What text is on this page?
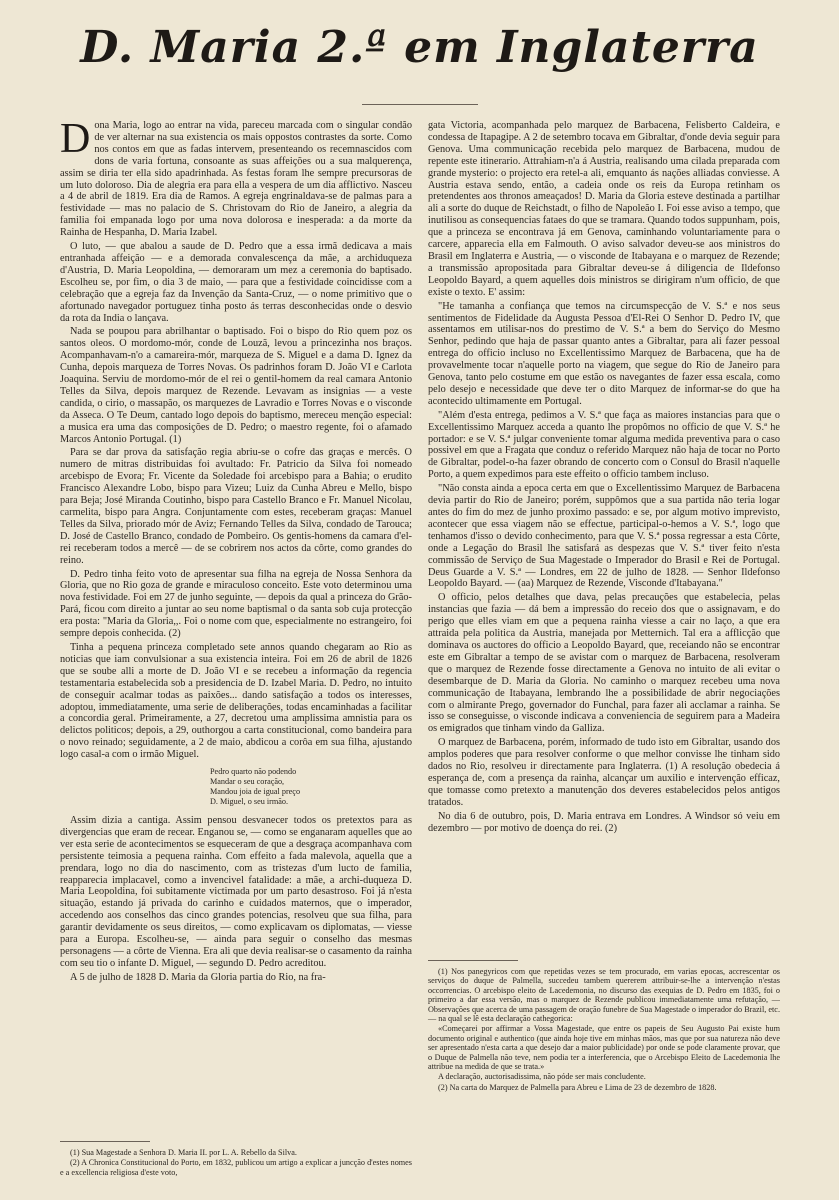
D. Maria 2.ª em Inglaterra

Dona Maria, logo ao entrar na vida, pareceu marcada com o singular condão de ver alternar na sua existencia os mais oppostos contrastes da sorte. Como nos contos em que as fadas intervem, presenteando os recemnascidos com dons de varia fortuna, consoante as suas affeições ou a sua malquerença, assim se diria ter ella sido apadrinhada. As festas foram lhe sempre precursoras de um luto doloroso. Dia de alegria era para ella a vespera de um dia afflictivo. Nasceu a 4 de abril de 1819. Era dia de Ramos. A egreja engrinaldava-se de palmas para a festividade — mas no palacio de S. Christovam do Rio de Janeiro, a alegria da familia foi empanada logo por uma nova dolorosa e inesperada: a da morte da Rainha de Hespanha, D. Maria Izabel.

O luto, — que abalou a saude de D. Pedro que a essa irmã dedicava a mais entranhada affeição — e a demorada convalescença da mãe, a archiduqueza d'Austria, D. Maria Leopoldina, — demoraram um mez a ceremonia do baptisado. Escolheu se, por fim, o dia 3 de maio, — para que a festividade coincidisse com a celebração que a egreja faz da Invenção da Santa-Cruz, — o nome primitivo que o afortunado navegador portuguez tinha posto ás terras desconhecidas onde o desvio da rota da India o lançava.

Nada se poupou para abrilhantar o baptisado. Foi o bispo do Rio quem poz os santos oleos. O mordomo-mór, conde de Louzã, levou a princezinha nos braços. Acompanhavam-n'o a camareira-mór, marqueza de S. Miguel e a dama D. Ignez da Cunha, depois marqueza de Torres Novas. Os padrinhos foram D. João VI e Carlota Joaquina. Serviu de mordomo-mór de el rei o gentil-homem da real camara Antonio Telles da Silva, depois marquez de Rezende. Levavam as insignias — a veste candida, o cirio, o massapão, os marquezes de Lavradio e Torres Novas e o visconde da Asseca. O Te Deum, cantado logo depois do baptismo, mereceu menção especial: a musica era uma das composições de D. Pedro; o maestro regente, foi o afamado Marcos Antonio Portugal. (1)

Para se dar prova da satisfação regia abriu-se o cofre das graças e mercês. O numero de mitras distribuidas foi avultado: Fr. Patricio da Silva foi nomeado arcebispo de Evora; Fr. Vicente da Soledade foi arcebispo para a Bahia; o erudito Francisco Alexandre Lobo, bispo para Vizeu; Luiz da Cunha Abreu e Mello, bispo para Beja; José Miranda Coutinho, bispo para Castello Branco e Fr. Manuel Nicolau, carmelita, bispo para Angra. Conjuntamente com estes, receberam graças: Manuel Telles da Silva, priorado mór de Aviz; Fernando Telles da Silva, condado de Tarouca; D. José de Castello Branco, condado de Pombeiro. Os gentis-homens da camara d'el-rei receberam todos a mercê — de se cobrirem nos actos da côrte, como grandes do reino.

D. Pedro tinha feito voto de apresentar sua filha na egreja de Nossa Senhora da Gloria, que no Rio goza de grande e miraculoso conceito. Este voto determinou uma nova festividade. Foi em 27 de junho seguinte, — depois da qual a princeza do Grão-Pará, ficou com direito a juntar ao seu nome baptismal o da santa sob cuja protecção era posta: "Maria da Gloria,,. Foi o nome com que, especialmente no estrangeiro, foi sempre depois conhecida. (2)

Tinha a pequena princeza completado sete annos quando chegaram ao Rio as noticias que iam convulsionar a sua existencia inteira. Foi em 26 de abril de 1826 que se soube alli a morte de D. João VI e se recebeu a informação da regencia testamentaria estabelecida sob a presidencia de D. Izabel Maria. D. Pedro, no intuito de conseguir acalmar todas as paixões... dando satisfação a todos os interesses, adoptou, immediatamente, uma serie de deliberações, todas encaminhadas a facilitar a concordia geral. Primeiramente, a 27, decretou uma amplissima amnistia para os delictos politicos; depois, a 29, outhorgou a carta constitucional, como bandeira para o novo reinado; seguidamente, a 2 de maio, abdicou a corôa em sua filha, ajustando logo casal-a com o irmão Miguel.

Pedro quarto não podendo
Mandar o seu coração,
Mandou joia de igual preço
D. Miguel, o seu irmão.

Assim dizia a cantiga. Assim pensou desvanecer todos os pretextos para as divergencias que eram de recear. Enganou se, — como se enganaram aquelles que ao ver esta serie de acontecimentos se esqueceram de que a desgraça acompanhava com persistente teimosia a pequena rainha. Com effeito a fada malevola, aquella que a prendara, logo no dia do nascimento, com as tristezas d'um lucto de familia, reapparecia implacavel, como a invencivel fatalidade: a mãe, a archi-duqueza D. Maria Leopoldina, foi subitamente victimada por um parto desastroso. Foi já n'esta situação, estando já privada do carinho e cuidados maternos, que o imperador, accedendo aos conselhos das cinco grandes potencias, resolveu que sua filha, para garantir devidamente os seus direitos, — como explicavam os diplomatas, — viesse para a Europa. Escolheu-se, — ainda para seguir o conselho das mesmas personagens — a côrte de Vienna. Era ali que devia realisar-se o casamento da rainha com seu tio o infante D. Miguel, — segundo D. Pedro acreditou.

A 5 de julho de 1828 D. Maria da Gloria partia do Rio, na fra-

(1) Sua Magestade a Senhora D. Maria II. por L. A. Rebello da Silva.

(2) A Chronica Constitucional do Porto, em 1832, publicou um artigo a explicar a juncção d'estes nomes e a excellencia religiosa d'este voto,

gata Victoria, acompanhada pelo marquez de Barbacena, Felisberto Caldeira, e condessa de Itapagipe. A 2 de setembro tocava em Gibraltar, d'onde devia seguir para Genova. Uma communicação recebida pelo marquez de Barbacena, mudou de repente este itinerario. Attrahiam-n'a á Austria, realisando uma cilada preparada com grande mysterio: o projecto era retel-a ali, emquanto ás nações alliadas conviesse. A Austria estava sendo, então, a cadeia onde os reis da Europa retinham os pretendentes aos thronos ameaçados! D. Maria da Gloria esteve destinada a partilhar ali a sorte do duque de Reichstadt, o filho de Napoleão I. Foi esse aviso a tempo, que inutilisou as consequencias fataes do que se tramara. Quando todos suppunham, pois, que a princeza se encontrava já em Genova, caminhando voluntariamente para o carcere, apparecia ella em Falmouth. O aviso salvador deveu-se aos ministros do Brasil em Inglaterra e Austria, — o visconde de Itabayana e o marquez de Rezende; a transmissão apropositada para Gibraltar deveu-se á diligencia de Ildefonso Leopoldo Bayard, a quem aquelles dois ministros se dirigiram n'um officio, de que existe o texto. E' assim:

"He tamanha a confiança que temos na circumspecção de V. S.ª e nos seus sentimentos de Fidelidade da Augusta Pessoa d'El-Rei O Senhor D. Pedro IV, que assentamos em utilisar-nos do prestimo de V. S.ª a bem do Serviço do Mesmo Senhor, pedindo que haja de passar quanto antes a Gibraltar, para ali fazer pessoal entrega do officio incluso no Excellentissimo Marquez de Barbacena, que ha de provavelmente tocar n'aquelle porto na viagem, que segue do Rio de Janeiro para Genova, tanto pelo costume em que estão os navegantes de fazer essa escala, como pelo desejo e necessidade que deve ter o dito Marquez de informar-se do que ha acontecido ultimamente em Portugal.

"Além d'esta entrega, pedimos a V. S.ª que faça as maiores instancias para que o Excellentissimo Marquez acceda a quanto lhe propômos no officio de que V. S.ª he portador: e se V. S.ª julgar conveniente tomar alguma medida preventiva para o caso possivel em que a Fragata que conduz o referido Marquez não haja de tocar no Porto de Gibraltar, podel-o-ha fazer obrando de concerto com o Consul do Brasil n'aquelle Porto, a quem expedimos para este effeito o officio tambem incluso.

"Não consta ainda a epoca certa em que o Excellentissimo Marquez de Barbacena devia partir do Rio de Janeiro; porém, suppômos que a sua partida não teria logar antes do fim do mez de junho proximo passado: e se, por algum motivo imprevisto, acontecer que essa viagem não se effectue, participal-o-hemos a V. S.ª, logo que tenhamos d'isso o devido conhecimento, para que V. S.ª possa regressar a esta Côrte, onde a Legação do Brasil lhe satisfará as despezas que V. S.ª tiver feito n'esta commissão de Serviço de Sua Magestade o Imperador do Brasil e Rei de Portugal. Deus Guarde a V. S.ª — Londres, em 22 de julho de 1828. — Senhor Ildefonso Leopoldo Bayard. — (aa) Marquez de Rezende, Visconde d'Itabayana."

O officio, pelos detalhes que dava, pelas precauções que estabelecia, pelas instancias que fazia — dá bem a impressão do receio dos que o assignavam, e do perigo que elles viam em que a pequena rainha viesse a cair no laço, a que era attraida pela politica da Austria, manejada por Metternich. Tal era a afflicção que dominava os auctores do officio a Leopoldo Bayard, que, receiando não se encontrar este em Gibraltar a tempo de se avistar com o marquez de Barbacena, resolveram que o marquez de Rezende fosse directamente a Genova no intuito de ali evitar o desembarque de D. Maria da Gloria. No caminho o marquez recebeu uma nova communicação de Itabayana, lembrando lhe a possibilidade de abrir negociações com o almirante Prego, governador do Funchal, para fazer ali acclamar a rainha. Se isso se conseguisse, o visconde indicava a conveniencia de seguirem para a Madeira os emigrados que tinham vindo da Galliza.

O marquez de Barbacena, porém, informado de tudo isto em Gibraltar, usando dos amplos poderes que para resolver conforme o que melhor convisse lhe tinham sido dados no Rio, resolveu ir directamente para Inglaterra. (1) A resolução obedecia á esperança de, com a presença da rainha, alcançar um auxilio e intervenção efficaz, que tomasse como pretexto a manutenção dos deveres estabelecidos pelos antigos tratados.

No dia 6 de outubro, pois, D. Maria entrava em Londres. A Windsor só veiu em dezembro — por motivo de doença do rei. (2)

(1) Nos panegyricos com que repetidas vezes se tem procurado, em varias epocas, accrescentar os serviços do duque de Palmella, succedeu tambem quererem attribuir-se-lhe a intervenção n'estas occorrencias. O arcebispo eleito de Lacedemonia, no discurso das exequias de D. Pedro em 1835, foi o primeiro a dar essa versão, mas o marquez de Rezende publicou immediatamente uma refutação, — Observações que acerca de uma passagem de oração funebre de Sua Magestade o imperador do Brazil, etc. — na qual se lê esta declaração cathegorica:

«Começarei por affirmar a Vossa Magestade, que entre os papeis de Seu Augusto Pai existe hum documento original e authentico (que ainda hoje tive em minhas mãos, mas que por sua natureza não deve ser apresentado n'esta carta a que desejo dar a maior publicidade) por onde se pode claramente provar, que o Duque de Palmella não teve, nem podia ter a interferencia, que o Arcebispo Eleito de Lacedemonia lhe attribue na medida de que se trata.»

A declaração, auctorisadissima, não póde ser mais concludente.

(2) Na carta do Marquez de Palmella para Abreu e Lima de 23 de dezembro de 1828.
